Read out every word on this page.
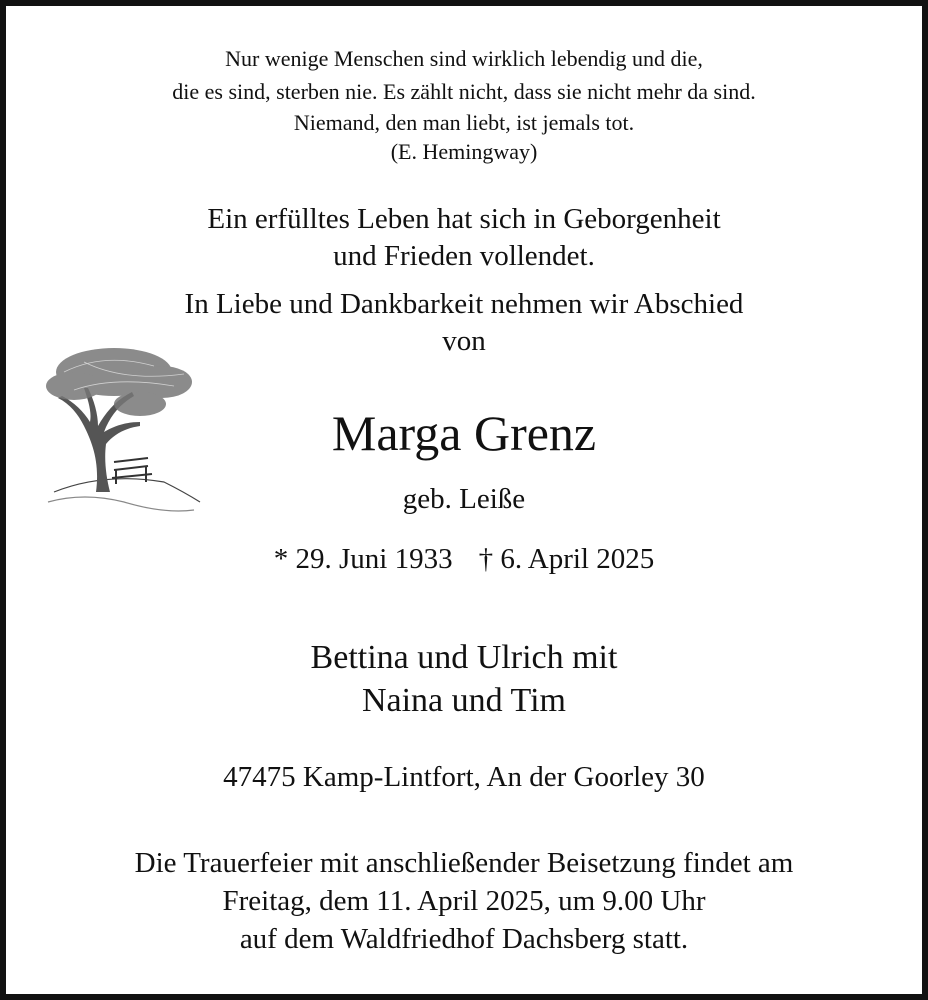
Nur wenige Menschen sind wirklich lebendig und die,
die es sind, sterben nie. Es zählt nicht, dass sie nicht mehr da sind.
Niemand, den man liebt, ist jemals tot.
(E. Hemingway)
Ein erfülltes Leben hat sich in Geborgenheit
und Frieden vollendet.
In Liebe und Dankbarkeit nehmen wir Abschied
von
Marga Grenz
geb. Leiße
* 29. Juni 1933 † 6. April 2025
Bettina und Ulrich mit
Naina und Tim
47475 Kamp-Lintfort, An der Goorley 30
Die Trauerfeier mit anschließender Beisetzung findet am
Freitag, dem 11. April 2025, um 9.00 Uhr
auf dem Waldfriedhof Dachsberg statt.
